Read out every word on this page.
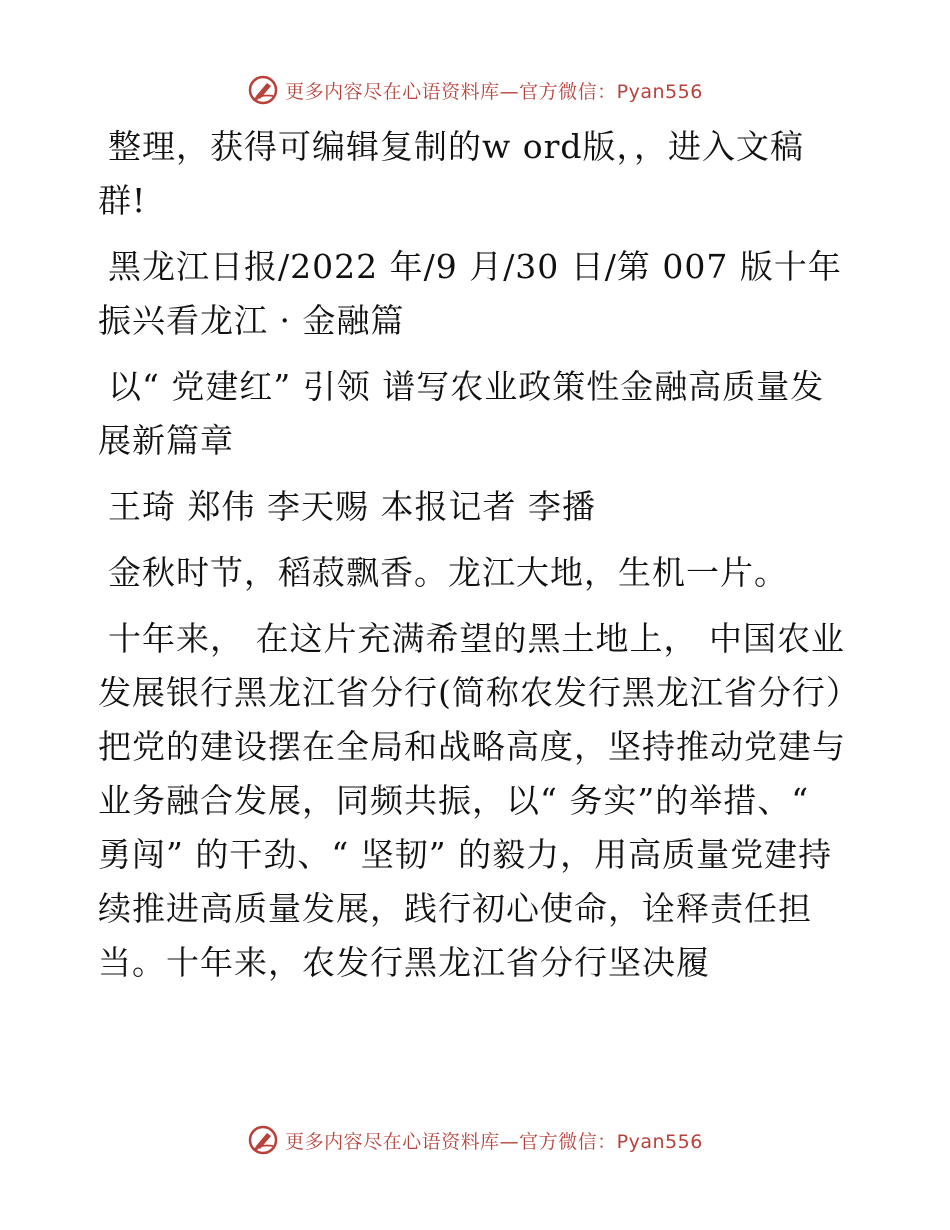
更多内容尽在心语资料库—官方微信：Pyan556

整理，获得可编辑复制的w ord版，，进入文稿群!

黑龙江日报/2022 年/9 月/30 日/第 007 版十年振兴看龙江 · 金融篇

以“ 党建红” 引领 谱写农业政策性金融高质量发展新篇章

王琦 郑伟 李天赐 本报记者 李播

金秋时节，稻菽飘香。龙江大地，生机一片。

十年来， 在这片充满希望的黑土地上， 中国农业发展银行黑龙江省分行(简称农发行黑龙江省分行）把党的建设摆在全局和战略高度，坚持推动党建与业务融合发展，同频共振，以“ 务实”的举措、“ 勇闯” 的干劲、“ 坚韧” 的毅力，用高质量党建持续推进高质量发展，践行初心使命，诠释责任担当。十年来，农发行黑龙江省分行坚决履

更多内容尽在心语资料库—官方微信：Pyan556
